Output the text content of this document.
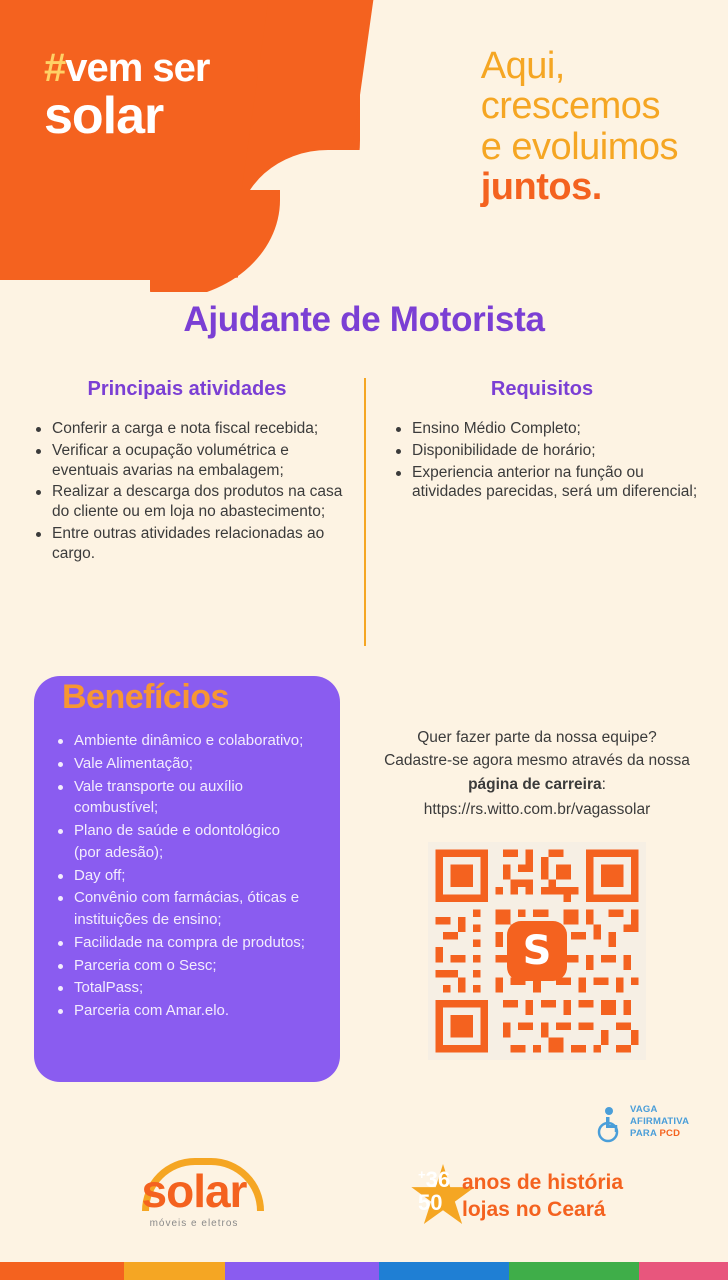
#vem ser
solar
Aqui,
crescemos
e evoluimos
juntos.
Ajudante de Motorista
Principais atividades
Conferir a carga e nota fiscal recebida;
Verificar a ocupação volumétrica e eventuais avarias na embalagem;
Realizar a descarga dos produtos na casa do cliente ou em loja no abastecimento;
Entre outras atividades relacionadas ao cargo.
Requisitos
Ensino Médio Completo;
Disponibilidade de horário;
Experiencia anterior na função ou atividades parecidas, será um diferencial;
Benefícios
Ambiente dinâmico e colaborativo;
Vale Alimentação;
Vale transporte ou auxílio combustível;
Plano de saúde e odontológico (por adesão);
Day off;
Convênio com farmácias, óticas e instituições de ensino;
Facilidade na compra de produtos;
Parceria com o Sesc;
TotalPass;
Parceria com Amar.elo.
Quer fazer parte da nossa equipe?
Cadastre-se agora mesmo através da nossa
página de carreira:
https://rs.witto.com.br/vagassolar
S
VAGA
AFIRMATIVA
PARA PCD
solar
móveis e eletros
+36
50
anos de história
lojas no Ceará
